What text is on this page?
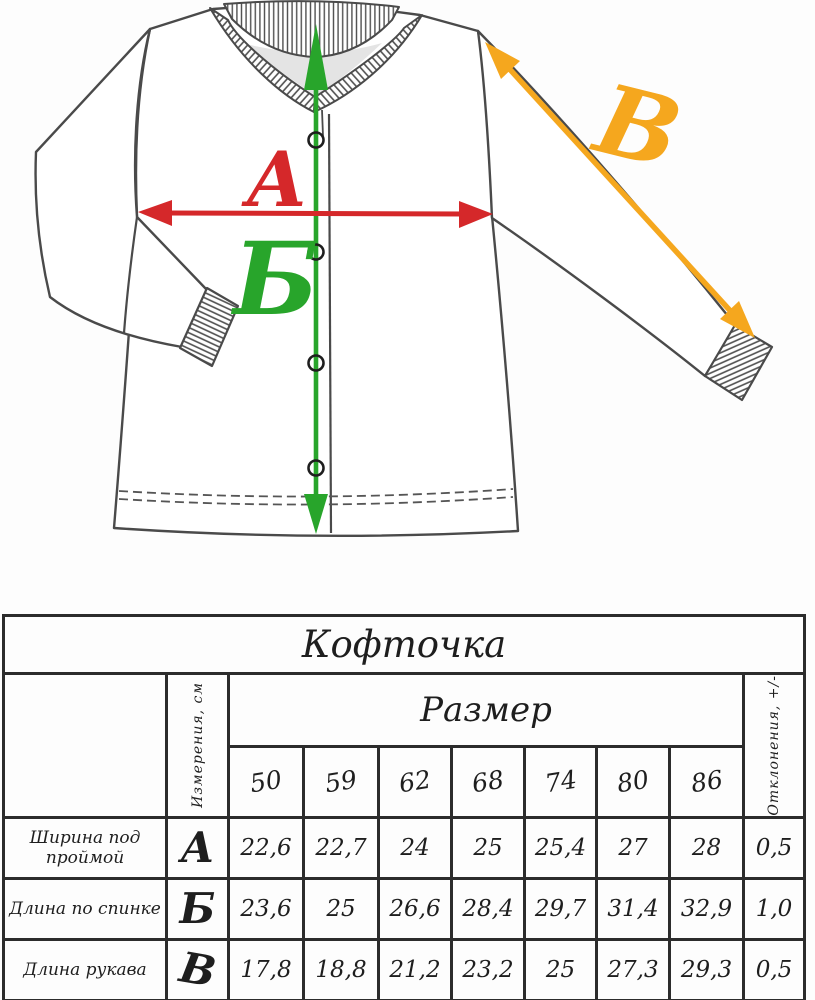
А
Б
В
Кофточка									

	Измерения, см	Размер							Отклонения, +/-

		50	59	62	68	74	80	86	
Ширина под проймой	А	22,6	22,7	24	25	25,4	27	28	0,5
Длина по спинке	Б	23,6	25	26,6	28,4	29,7	31,4	32,9	1,0
Длина рукава	В	17,8	18,8	21,2	23,2	25	27,3	29,3	0,5
